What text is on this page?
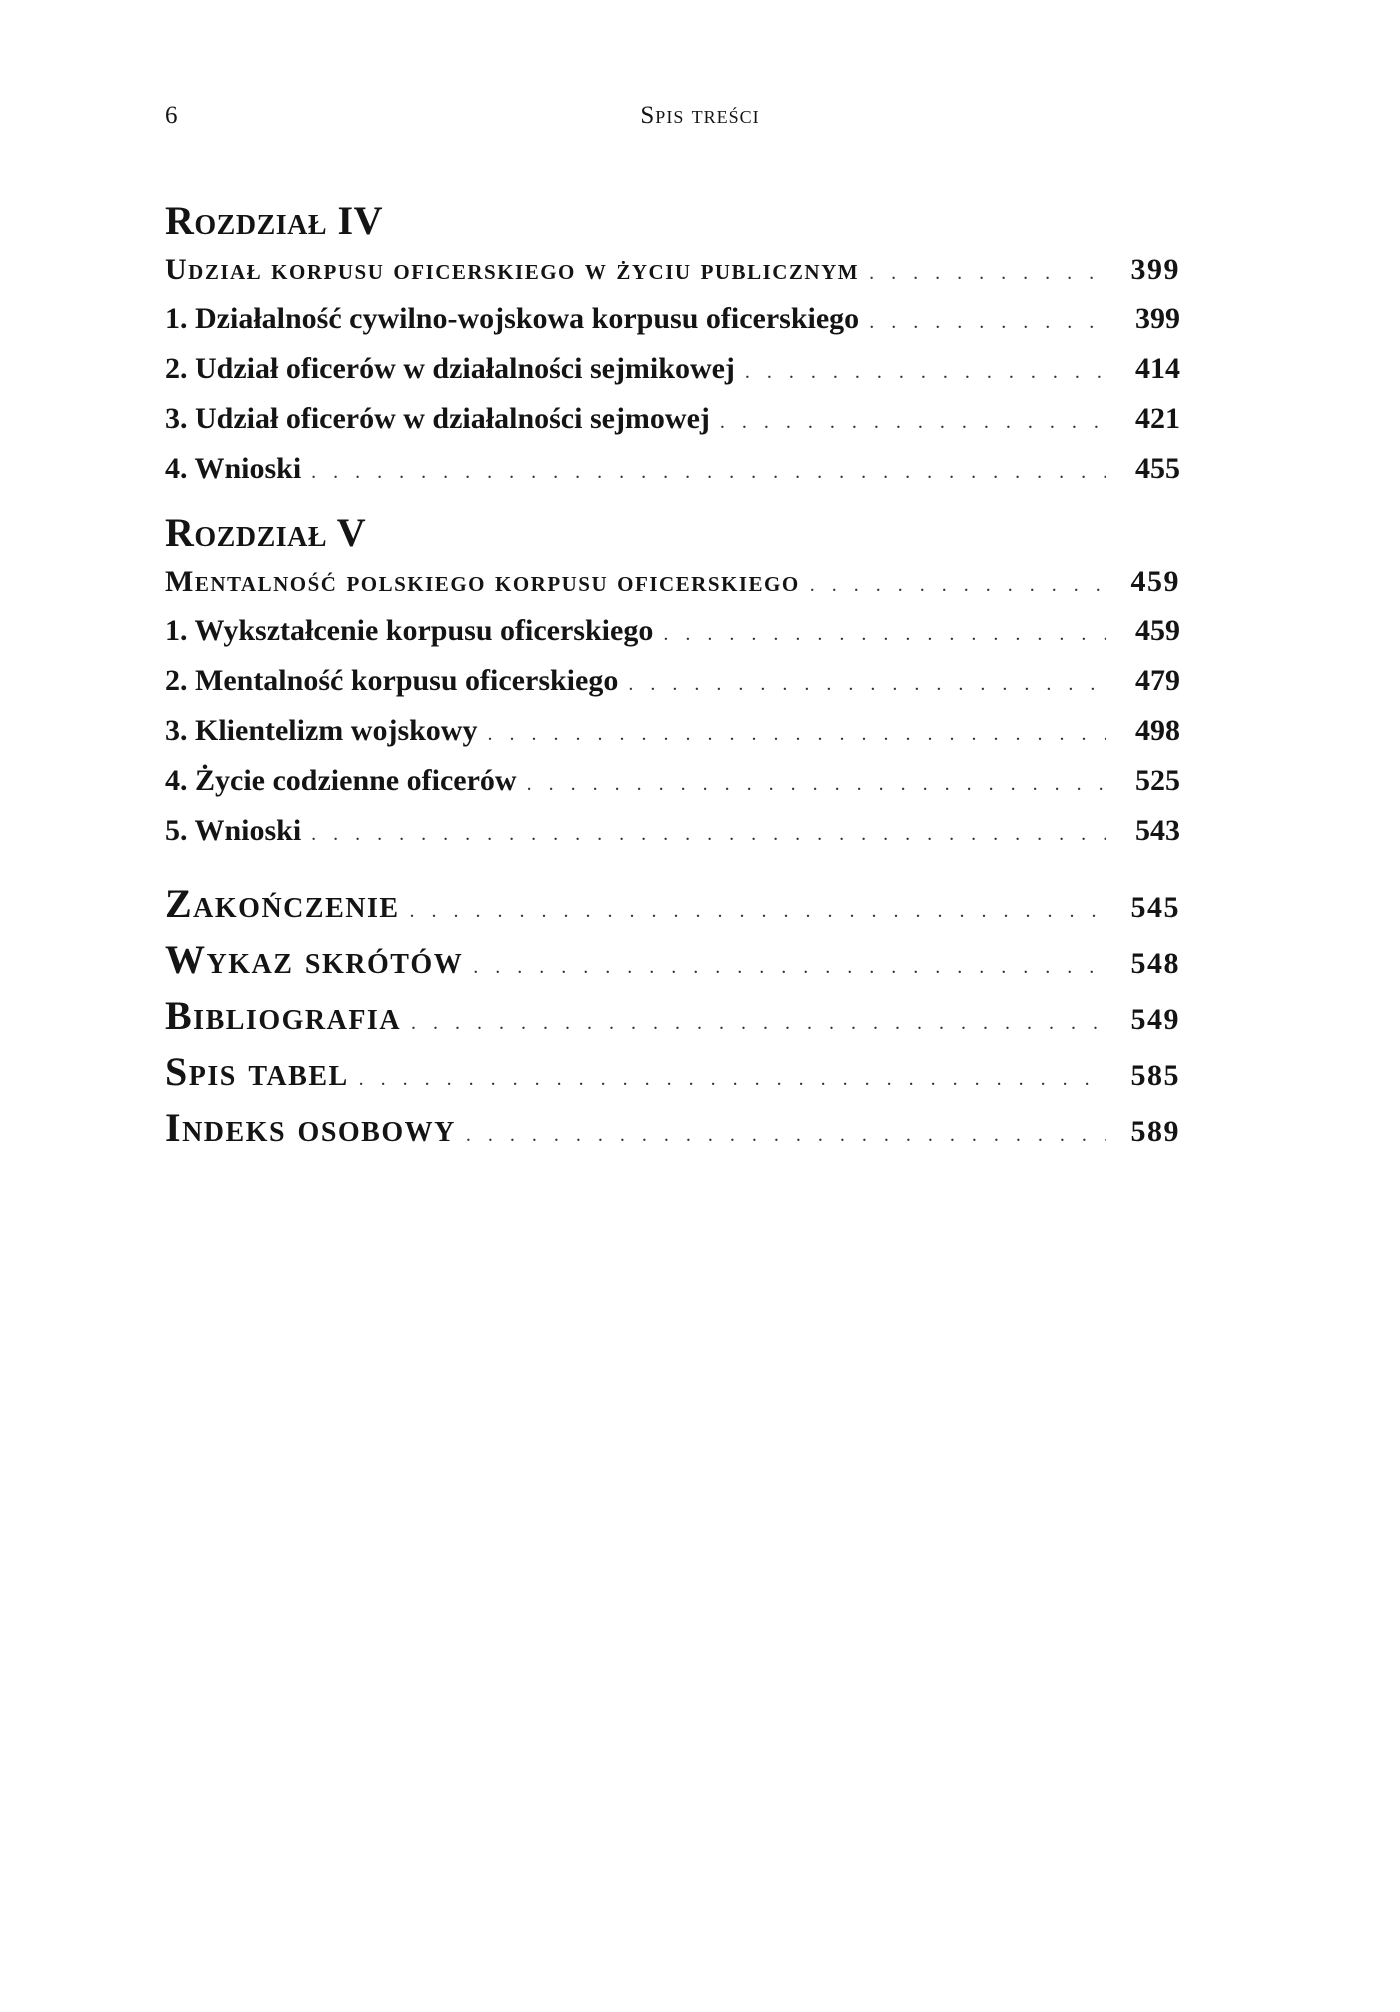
6	Spis treści
Rozdział IV
Udział korpusu oficerskiego w życiu publicznym . . .	399
1. Działalność cywilno-wojskowa korpusu oficerskiego . . .	399
2. Udział oficerów w działalności sejmikowej . . .	414
3. Udział oficerów w działalności sejmowej . . .	421
4. Wnioski . . .	455
Rozdział V
Mentalność polskiego korpusu oficerskiego . . .	459
1. Wykształcenie korpusu oficerskiego . . .	459
2. Mentalność korpusu oficerskiego . . .	479
3. Klientelizm wojskowy . . .	498
4. Życie codzienne oficerów . . .	525
5. Wnioski . . .	543
Zakończenie . . .	545
Wykaz skrótów . . .	548
Bibliografia . . .	549
Spis tabel . . .	585
Indeks osobowy . . .	589
